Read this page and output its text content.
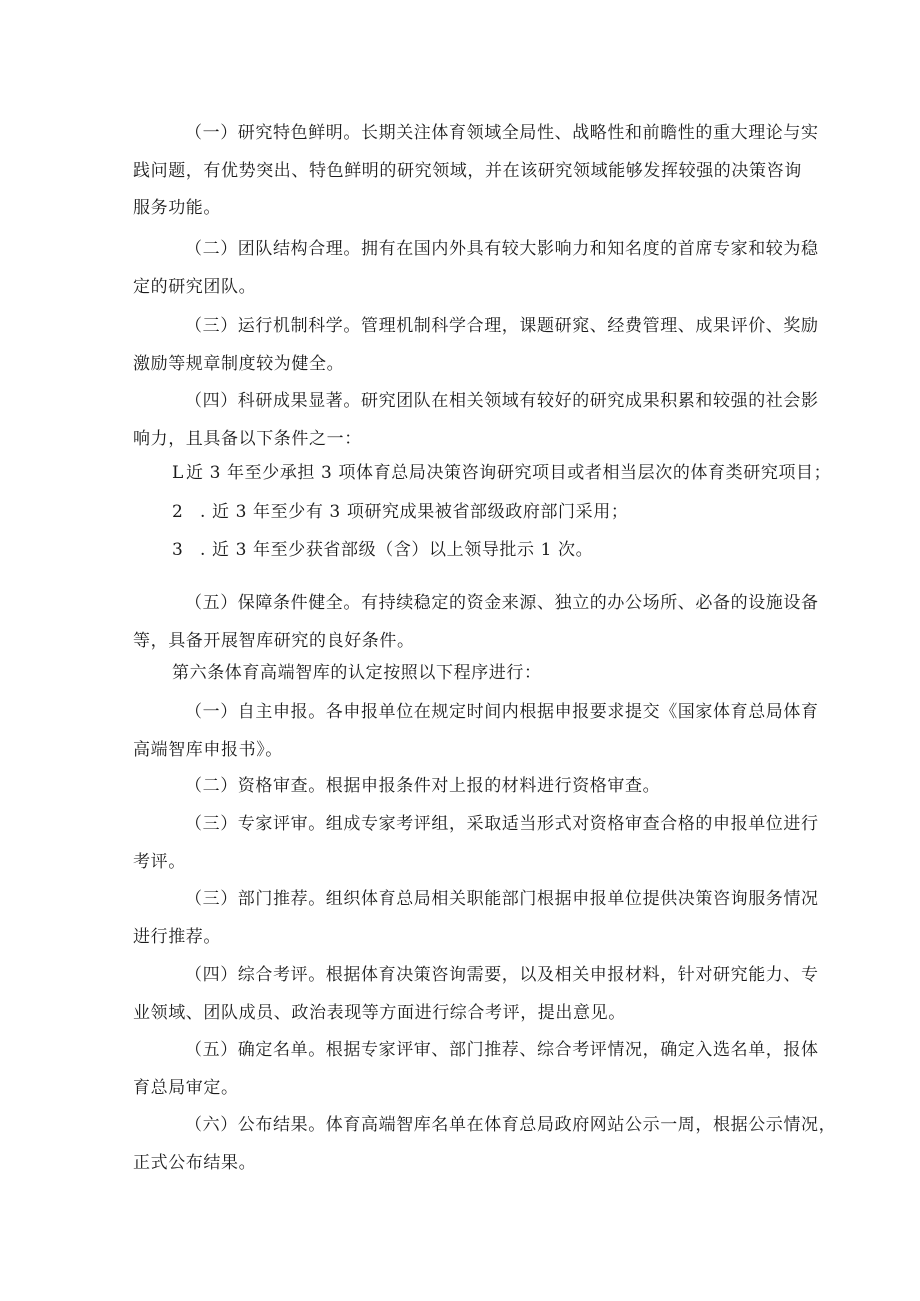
（一）研究特色鲜明。长期关注体育领域全局性、战略性和前瞻性的重大理论与实
践问题，有优势突出、特色鲜明的研究领域，并在该研究领域能够发挥较强的决策咨询
服务功能。

（二）团队结构合理。拥有在国内外具有较大影响力和知名度的首席专家和较为稳
定的研究团队。

（三）运行机制科学。管理机制科学合理，课题研窕、经费管理、成果评价、奖励
激励等规章制度较为健全。

（四）科研成果显著。研究团队在相关领域有较好的研究成果积累和较强的社会影
响力，且具备以下条件之一：

L 近 3 年至少承担 3 项体育总局决策咨询研究项目或者相当层次的体育类研究项目；

2 . 近 3 年至少有 3 项研究成果被省部级政府部门采用；

3 . 近 3 年至少获省部级（含）以上领导批示 1 次。

（五）保障条件健全。有持续稳定的资金来源、独立的办公场所、必备的设施设备
等，具备开展智库研究的良好条件。

第六条体育高端智库的认定按照以下程序进行：

（一）自主申报。各申报单位在规定时间内根据申报要求提交《国家体育总局体育
高端智库申报书》。

（二）资格审查。根据申报条件对上报的材料进行资格审查。

（三）专家评审。组成专家考评组，采取适当形式对资格审查合格的申报单位进行
考评。

（三）部门推荐。组织体育总局相关职能部门根据申报单位提供决策咨询服务情况
进行推荐。

（四）综合考评。根据体育决策咨询需要，以及相关申报材料，针对研究能力、专
业领域、团队成员、政治表现等方面进行综合考评，提出意见。

（五）确定名单。根据专家评审、部门推荐、综合考评情况，确定入选名单，报体
育总局审定。

（六）公布结果。体育高端智库名单在体育总局政府网站公示一周，根据公示情况，
正式公布结果。
